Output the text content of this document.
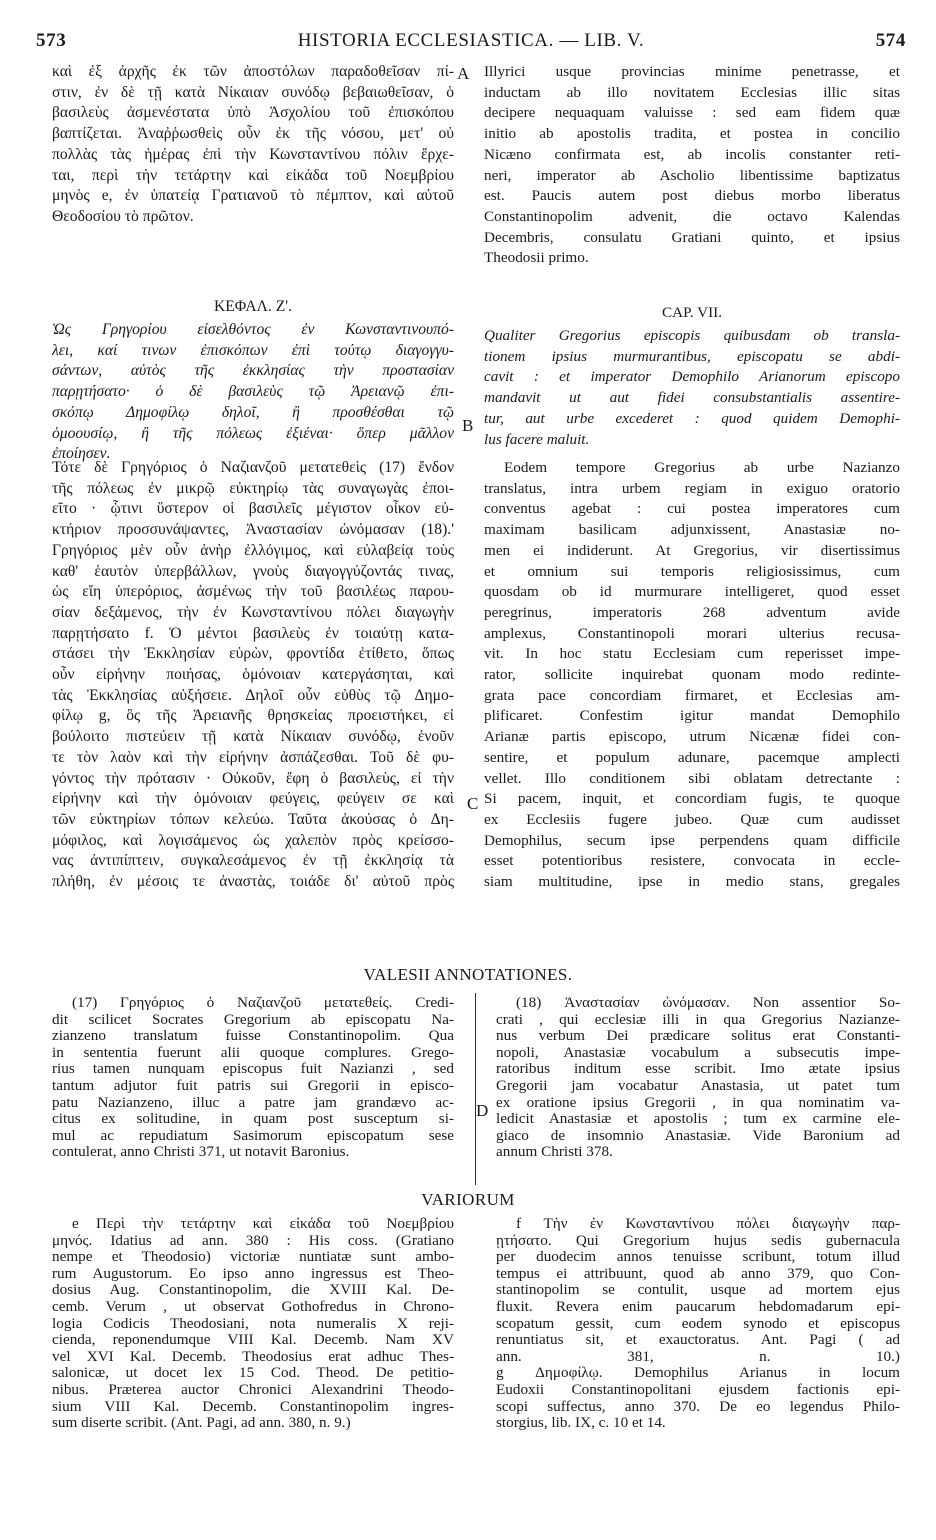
573	HISTORIA ECCLESIASTICA. — LIB. V.	574
καὶ ἐξ ἀρχῆς ἐκ τῶν ἀποστόλων παραδοθεῖσαν πί-
στιν, ἐν δὲ τῇ κατὰ Νίκαιαν συνόδῳ βεβαιωθεῖσαν, ὁ
βασιλεὺς ἀσμενέστατα ὑπὸ Ἀσχολίου τοῦ ἐπισκόπου
βαπτίζεται. Ἀναῤῥωσθεὶς οὖν ἐκ τῆς νόσου, μετ' οὐ
πολλὰς τὰς ἡμέρας ἐπὶ τὴν Κωνσταντίνου πόλιν ἔρχε-
ται, περὶ τὴν τετάρτην καὶ εἰκάδα τοῦ Νοεμβρίου
μηνὸς e, ἐν ὑπατείᾳ Γρατιανοῦ τὸ πέμπτον, καὶ αὐτοῦ
Θεοδοσίου τὸ πρῶτον.
ΚΕΦΑΛ. Ζ'.
Ὡς Γρηγορίου εἰσελθόντος ἐν Κωνσταντινουπό-
λει, καί τινων ἐπισκόπων ἐπὶ τούτῳ διαγογγυ-
σάντων, αὐτὸς τῆς ἐκκλησίας τὴν προστασίαν
παρῃτήσατο· ὁ δὲ βασιλεὺς τῷ Ἀρειανῷ ἐπι-
σκόπῳ Δημοφίλῳ δηλοῖ, ἢ προσθέσθαι τῷ
ὁμοουσίῳ, ἢ τῆς πόλεως ἐξιέναι· ὅπερ μᾶλλον
ἐποίησεν.
Τότε δὲ Γρηγόριος ὁ Ναζιανζοῦ μετατεθεὶς (17) ἔνδον
τῆς πόλεως ἐν μικρῷ εὐκτηρίῳ τὰς συναγωγὰς ἐποι-
εῖτο · ᾧτινι ὕστερον οἱ βασιλεῖς μέγιστον οἶκον εὐ-
κτήριον προσσυνάψαντες, Ἀναστασίαν ὠνόμασαν (18).'
Γρηγόριος μὲν οὖν ἀνὴρ ἐλλόγιμος, καὶ εὐλαβείᾳ τοὺς
καθ' ἑαυτὸν ὑπερβάλλων, γνοὺς διαγογγύζοντάς τινας,
ὡς εἴη ὑπερόριος, ἀσμένως τὴν τοῦ βασιλέως παρου-
σίαν δεξάμενος, τὴν ἐν Κωνσταντίνου πόλει διαγωγὴν
παρῃτήσατο f. Ὁ μέντοι βασιλεὺς ἐν τοιαύτῃ κατα-
στάσει τὴν Ἐκκλησίαν εὑρὼν, φροντίδα ἐτίθετο, ὅπως
οὖν εἰρήνην ποιήσας, ὁμόνοιαν κατεργάσηται, καὶ
τὰς Ἐκκλησίας αὐξήσειε. Δηλοῖ οὖν εὐθὺς τῷ Δημο-
φίλῳ g, ὃς τῆς Ἀρειανῆς θρησκείας προειστήκει, εἰ
βούλοιτο πιστεύειν τῇ κατὰ Νίκαιαν συνόδῳ, ἑνοῦν
τε τὸν λαὸν καὶ τὴν εἰρήνην ἀσπάζεσθαι. Τοῦ δὲ φυ-
γόντος τὴν πρότασιν · Οὐκοῦν, ἔφη ὁ βασιλεὺς, εἰ τὴν
εἰρήνην καὶ τὴν ὁμόνοιαν φεύγεις, φεύγειν σε καὶ
τῶν εὐκτηρίων τόπων κελεύω. Ταῦτα ἀκούσας ὁ Δη-
μόφιλος, καὶ λογισάμενος ὡς χαλεπὸν πρὸς κρείσσο-
νας ἀντιπίπτειν, συγκαλεσάμενος ἐν τῇ ἐκκλησίᾳ τὰ
πλήθη, ἐν μέσοις τε ἀναστὰς, τοιάδε δι' αὐτοῦ πρὸς
Illyrici usque provincias minime penetrasse, et
inductam ab illo novitatem Ecclesias illic sitas
decipere nequaquam valuisse : sed eam fidem quæ
initio ab apostolis tradita, et postea in concilio
Nicæno confirmata est, ab incolis constanter reti-
neri, imperator ab Ascholio libentissime baptizatus
est. Paucis autem post diebus morbo liberatus
Constantinopolim advenit, die octavo Kalendas
Decembris, consulatu Gratiani quinto, et ipsius
Theodosii primo.
CAP. VII.
Qualiter Gregorius episcopis quibusdam ob transla-
tionem ipsius murmurantibus, episcopatu se abdi-
cavit : et imperator Demophilo Arianorum episcopo
mandavit ut aut fidei consubstantialis assentire-
tur, aut urbe excederet : quod quidem Demophi-
lus facere maluit.
Eodem tempore Gregorius ab urbe Nazianzo
translatus, intra urbem regiam in exiguo oratorio
conventus agebat : cui postea imperatores cum
maximam basilicam adjunxissent, Anastasiæ no-
men ei indiderunt. At Gregorius, vir disertissimus
et omnium sui temporis religiosissimus, cum
quosdam ob id murmurare intelligeret, quod esset
peregrinus, imperatoris 268 adventum avide
amplexus, Constantinopoli morari ulterius recusa-
vit. In hoc statu Ecclesiam cum reperisset impe-
rator, sollicite inquirebat quonam modo redinte-
grata pace concordiam firmaret, et Ecclesias am-
plificaret. Confestim igitur mandat Demophilo
Arianæ partis episcopo, utrum Nicænæ fidei con-
sentire, et populum adunare, pacemque amplecti
vellet. Illo conditionem sibi oblatam detrectante :
Si pacem, inquit, et concordiam fugis, te quoque
ex Ecclesiis fugere jubeo. Quæ cum audisset
Demophilus, secum ipse perpendens quam difficile
esset potentioribus resistere, convocata in eccle-
siam multitudine, ipse in medio stans, gregales
A
B
C
D
VALESII ANNOTATIONES.
(17) Γρηγόριος ὁ Ναζιανζοῦ μετατεθείς. Credi-
dit scilicet Socrates Gregorium ab episcopatu Na-
zianzeno translatum fuisse Constantinopolim. Qua
in sententia fuerunt alii quoque complures. Grego-
rius tamen nunquam episcopus fuit Nazianzi , sed
tantum adjutor fuit patris sui Gregorii in episco-
patu Nazianzeno, illuc a patre jam grandævo ac-
citus ex solitudine, in quam post susceptum si-
mul ac repudiatum Sasimorum episcopatum sese
contulerat, anno Christi 371, ut notavit Baronius.
(18) Ἀναστασίαν ὠνόμασαν. Non assentior So-
crati , qui ecclesiæ illi in qua Gregorius Nazianze-
nus verbum Dei prædicare solitus erat Constanti-
nopoli, Anastasiæ vocabulum a subsecutis impe-
ratoribus inditum esse scribit. Imo ætate ipsius
Gregorii jam vocabatur Anastasia, ut patet tum
ex oratione ipsius Gregorii , in qua nominatim va-
ledicit Anastasiæ et apostolis ; tum ex carmine ele-
giaco de insomnio Anastasiæ. Vide Baronium ad
annum Christi 378.
VARIORUM
e Περὶ τὴν τετάρτην καὶ εἰκάδα τοῦ Νοεμβρίου
μηνός. Idatius ad ann. 380 : His coss. (Gratiano
nempe et Theodosio) victoriæ nuntiatæ sunt ambo-
rum Augustorum. Eo ipso anno ingressus est Theo-
dosius Aug. Constantinopolim, die XVIII Kal. De-
cemb. Verum , ut observat Gothofredus in Chrono-
logia Codicis Theodosiani, nota numeralis X reji-
cienda, reponendumque VIII Kal. Decemb. Nam XV
vel XVI Kal. Decemb. Theodosius erat adhuc Thes-
salonicæ, ut docet lex 15 Cod. Theod. De petitio-
nibus. Præterea auctor Chronici Alexandrini Theodo-
sium VIII Kal. Decemb. Constantinopolim ingres-
sum diserte scribit. (Ant. Pagi, ad ann. 380, n. 9.)
f Τὴν ἐν Κωνσταντίνου πόλει διαγωγὴν παρ-
ῃτήσατο. Qui Gregorium hujus sedis gubernacula
per duodecim annos tenuisse scribunt, totum illud
tempus ei attribuunt, quod ab anno 379, quo Con-
stantinopolim se contulit, usque ad mortem ejus
fluxit. Revera enim paucarum hebdomadarum epi-
scopatum gessit, cum eodem synodo et episcopus
renuntiatus sit, et exauctoratus. Ant. Pagi ( ad
ann. 381, n. 10.)
g Δημοφίλῳ. Demophilus Arianus in locum
Eudoxii Constantinopolitani ejusdem factionis epi-
scopi suffectus, anno 370. De eo legendus Philo-
storgius, lib. IX, c. 10 et 14.
